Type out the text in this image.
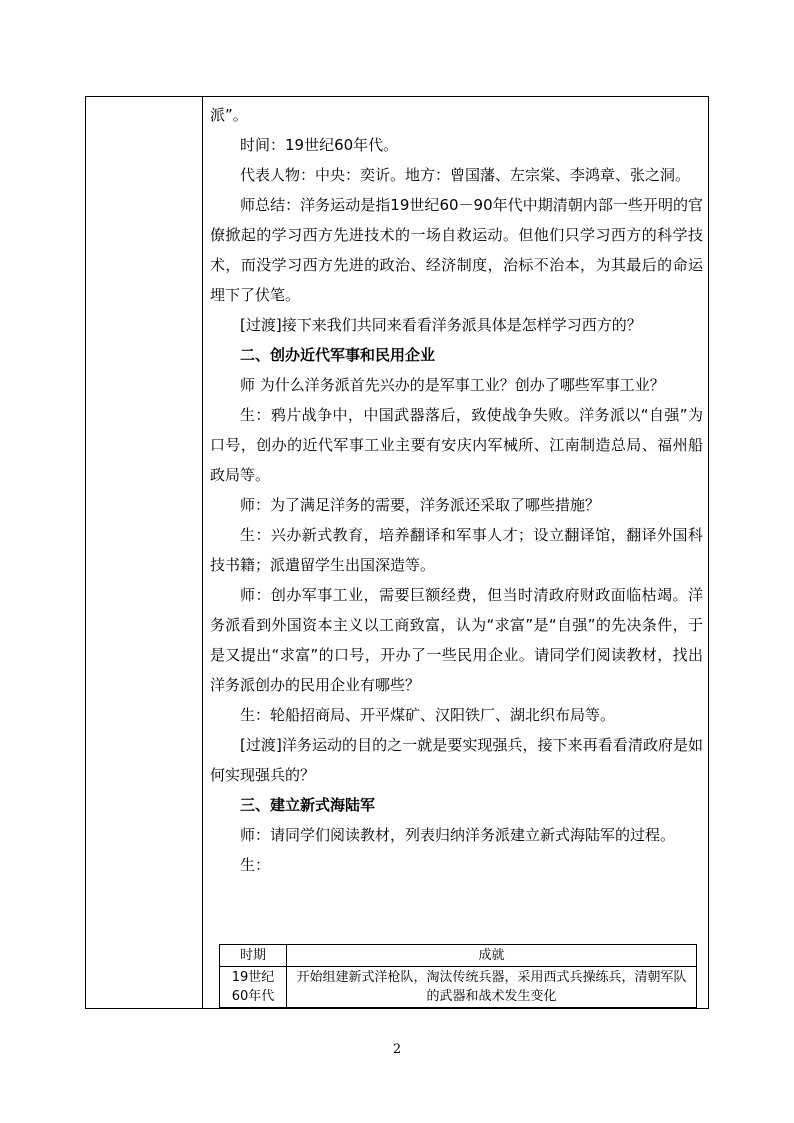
派”。

时间：19世纪60年代。

代表人物：中央：奕䜣。地方：曾国藩、左宗棠、李鸿章、张之洞。

师总结：洋务运动是指19世纪60－90年代中期清朝内部一些开明的官僚掀起的学习西方先进技术的一场自救运动。但他们只学习西方的科学技术，而没学习西方先进的政治、经济制度，治标不治本，为其最后的命运埋下了伏笔。

[过渡]接下来我们共同来看看洋务派具体是怎样学习西方的？

二、创办近代军事和民用企业

师 为什么洋务派首先兴办的是军事工业？创办了哪些军事工业？

生：鸦片战争中，中国武器落后，致使战争失败。洋务派以“自强”为口号，创办的近代军事工业主要有安庆内军械所、江南制造总局、福州船政局等。

师：为了满足洋务的需要，洋务派还采取了哪些措施？

生：兴办新式教育，培养翻译和军事人才；设立翻译馆，翻译外国科技书籍；派遣留学生出国深造等。

师：创办军事工业，需要巨额经费，但当时清政府财政面临枯竭。洋务派看到外国资本主义以工商致富，认为“求富”是“自强”的先决条件，于是又提出“求富”的口号，开办了一些民用企业。请同学们阅读教材，找出洋务派创办的民用企业有哪些？

生：轮船招商局、开平煤矿、汉阳铁厂、湖北织布局等。

[过渡]洋务运动的目的之一就是要实现强兵，接下来再看看清政府是如何实现强兵的？

三、建立新式海陆军

师：请同学们阅读教材，列表归纳洋务派建立新式海陆军的过程。

生：

时期	成就
19世纪60年代	开始组建新式洋枪队，淘汰传统兵器，采用西式兵操练兵，清朝军队的武器和战术发生变化
2
